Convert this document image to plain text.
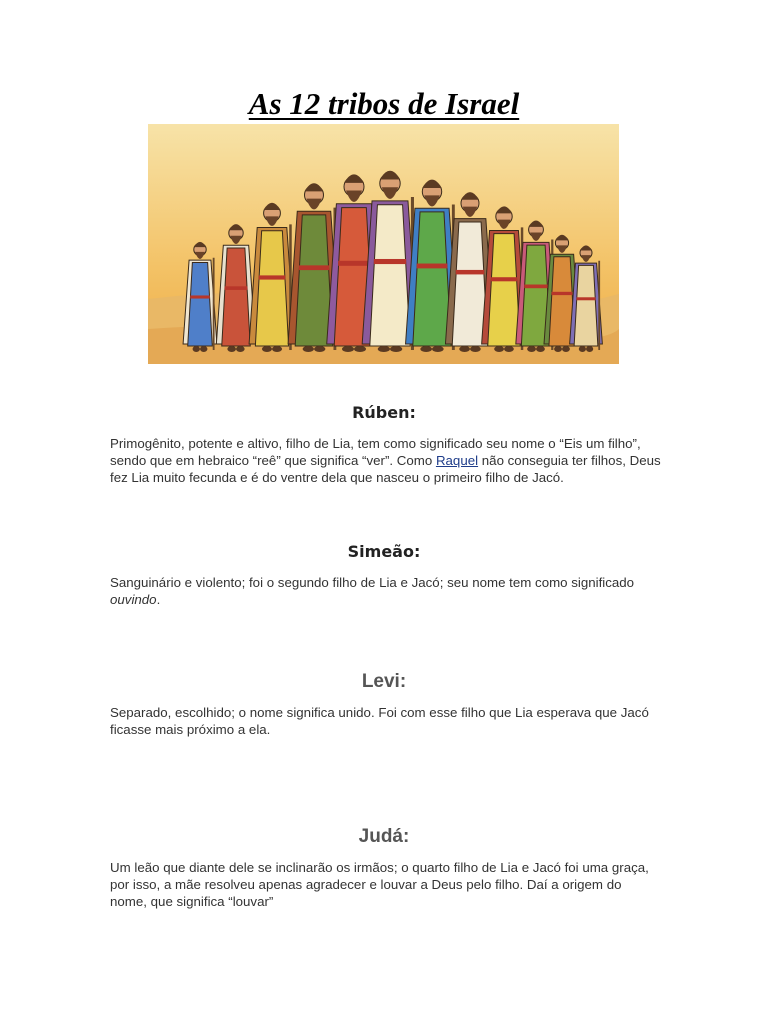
As 12 tribos de Israel
Rúben:

Primogênito, potente e altivo, filho de Lia, tem como significado seu nome o “Eis um filho”, sendo que em hebraico “reê” que significa “ver”. Como Raquel não conseguia ter filhos, Deus fez Lia muito fecunda e é do ventre dela que nasceu o primeiro filho de Jacó.

Simeão:

Sanguinário e violento; foi o segundo filho de Lia e Jacó; seu nome tem como significado ouvindo.

Levi:

Separado, escolhido; o nome significa unido. Foi com esse filho que Lia esperava que Jacó ficasse mais próximo a ela.

Judá:

Um leão que diante dele se inclinarão os irmãos; o quarto filho de Lia e Jacó foi uma graça, por isso, a mãe resolveu apenas agradecer e louvar a Deus pelo filho. Daí a origem do nome, que significa “louvar”
